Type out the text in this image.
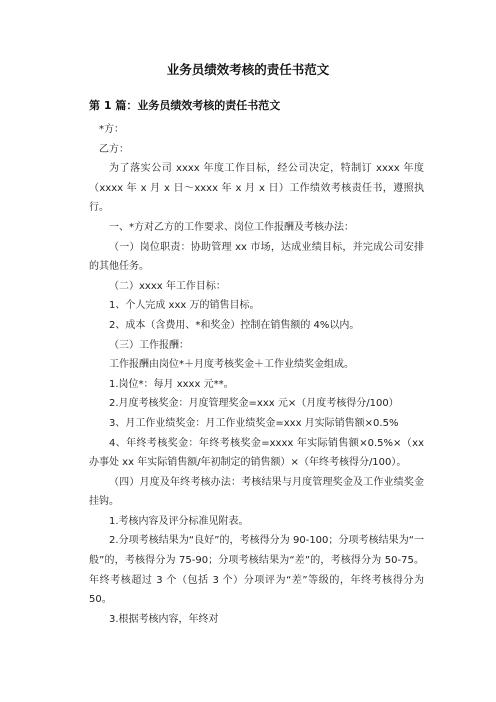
业务员绩效考核的责任书范文
第 1 篇：业务员绩效考核的责任书范文

*方：

乙方：

为了落实公司 xxxx 年度工作目标，经公司决定，特制订 xxxx 年度（xxxx 年 x 月 x 日～xxxx 年 x 月 x 日）工作绩效考核责任书，遵照执行。

一、*方对乙方的工作要求、岗位工作报酬及考核办法：

（一）岗位职责：协助管理 xx 市场，达成业绩目标，并完成公司安排的其他任务。

（二）xxxx 年工作目标：

1、个人完成 xxx 万的销售目标。

2、成本（含费用、*和奖金）控制在销售额的 4%以内。

（三）工作报酬：

工作报酬由岗位*＋月度考核奖金＋工作业绩奖金组成。

1.岗位*：每月 xxxx 元**。

2.月度考核奖金：月度管理奖金=xxx 元×（月度考核得分/100）

3、月工作业绩奖金：月工作业绩奖金=xxx 月实际销售额×0.5%

4、年终考核奖金：年终考核奖金=xxxx 年实际销售额×0.5%×（xx 办事处 xx 年实际销售额/年初制定的销售额）×（年终考核得分/100）。

（四）月度及年终考核办法：考核结果与月度管理奖金及工作业绩奖金挂钩。

1.考核内容及评分标准见附表。

2.分项考核结果为“良好”的，考核得分为 90-100；分项考核结果为“一般”的，考核得分为 75-90；分项考核结果为“差”的，考核得分为 50-75。年终考核超过 3 个（包括 3 个）分项评为“差”等级的，年终考核得分为 50。

3.根据考核内容，年终对
